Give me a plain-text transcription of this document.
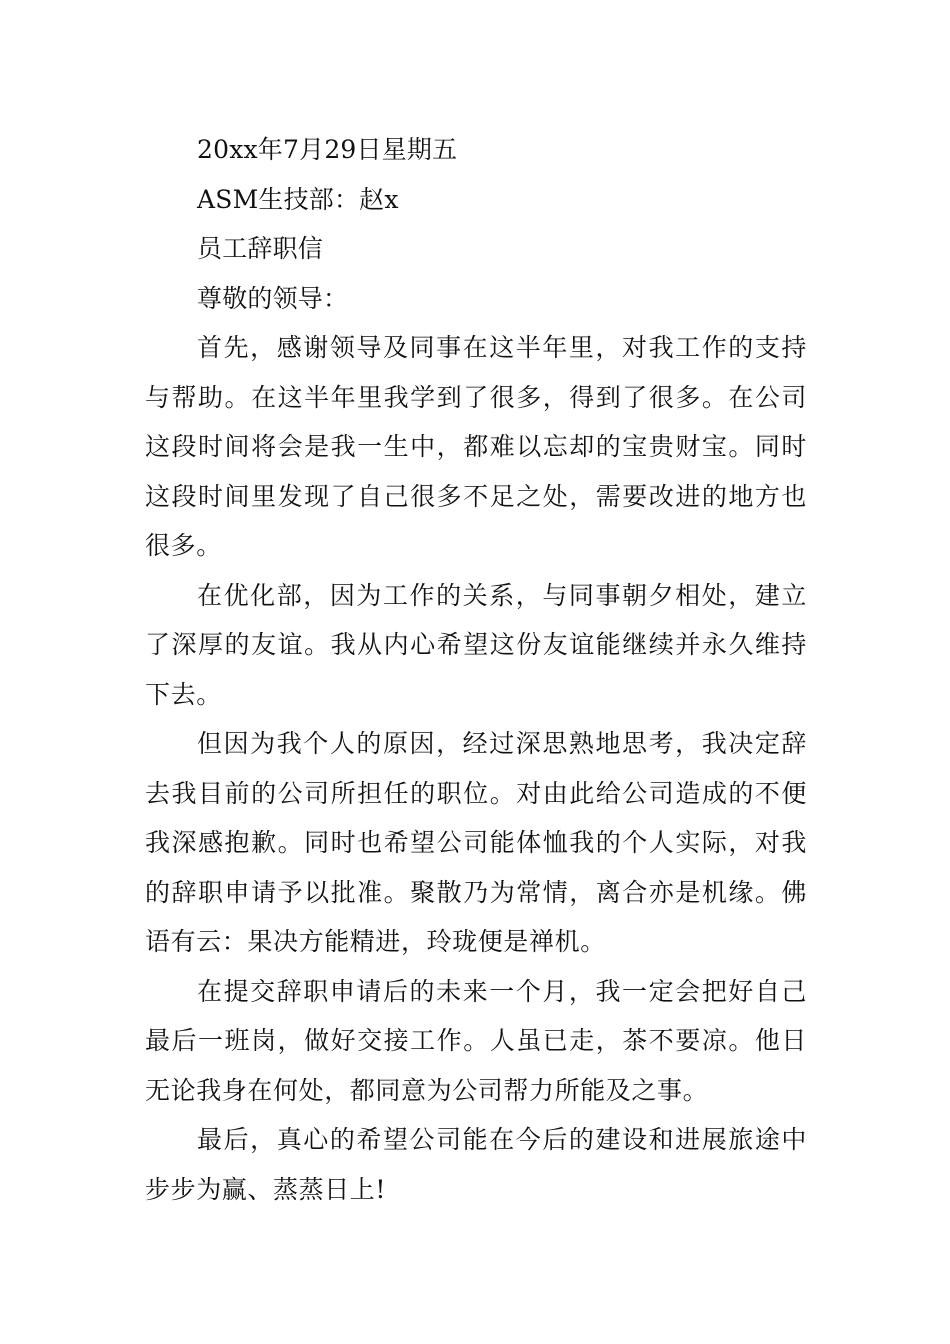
20xx年7月29日星期五
ASM生技部：赵x
员工辞职信
尊敬的领导：

首先，感谢领导及同事在这半年里，对我工作的支持与帮助。在这半年里我学到了很多，得到了很多。在公司这段时间将会是我一生中，都难以忘却的宝贵财宝。同时这段时间里发现了自己很多不足之处，需要改进的地方也很多。

在优化部，因为工作的关系，与同事朝夕相处，建立了深厚的友谊。我从内心希望这份友谊能继续并永久维持下去。

但因为我个人的原因，经过深思熟地思考，我决定辞去我目前的公司所担任的职位。对由此给公司造成的不便我深感抱歉。同时也希望公司能体恤我的个人实际，对我的辞职申请予以批准。聚散乃为常情，离合亦是机缘。佛语有云：果决方能精进，玲珑便是禅机。

在提交辞职申请后的未来一个月，我一定会把好自己最后一班岗，做好交接工作。人虽已走，茶不要凉。他日无论我身在何处，都同意为公司帮力所能及之事。

最后，真心的希望公司能在今后的建设和进展旅途中步步为赢、蒸蒸日上!
